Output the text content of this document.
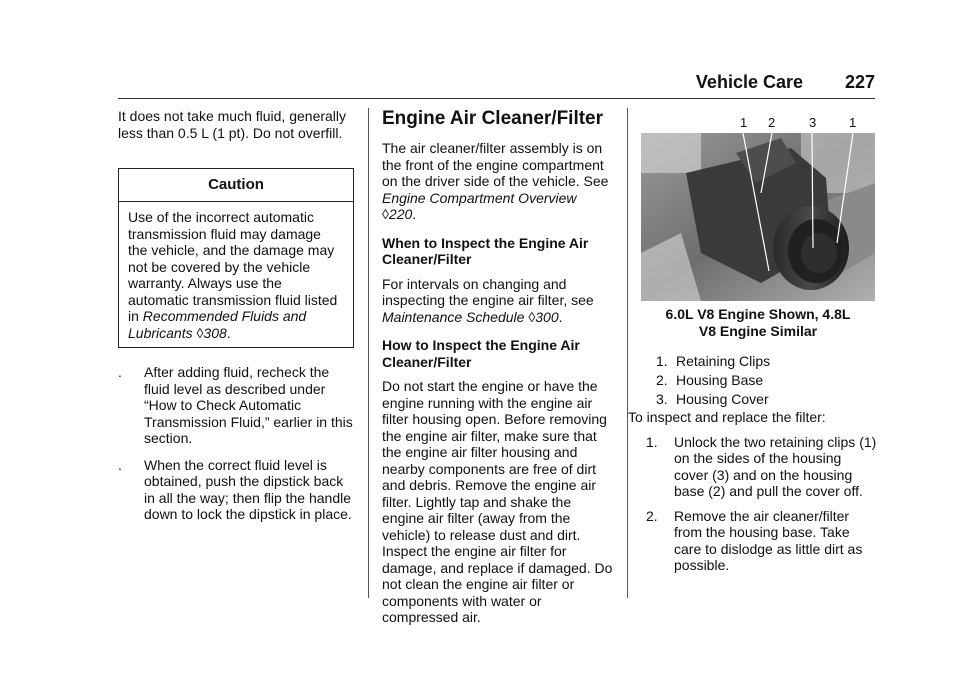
Vehicle Care 227

It does not take much fluid, generally less than 0.5 L (1 pt). Do not overfill.

Caution
Use of the incorrect automatic transmission fluid may damage the vehicle, and the damage may not be covered by the vehicle warranty. Always use the automatic transmission fluid listed in Recommended Fluids and Lubricants ◊308.
. After adding fluid, recheck the fluid level as described under “How to Check Automatic Transmission Fluid,” earlier in this section.
. When the correct fluid level is obtained, push the dipstick back in all the way; then flip the handle down to lock the dipstick in place.
Engine Air Cleaner/Filter

The air cleaner/filter assembly is on the front of the engine compartment on the driver side of the vehicle. See Engine Compartment Overview ◊220.

When to Inspect the Engine Air Cleaner/Filter

For intervals on changing and inspecting the engine air filter, see Maintenance Schedule ◊300.

How to Inspect the Engine Air Cleaner/Filter

Do not start the engine or have the engine running with the engine air filter housing open. Before removing the engine air filter, make sure that the engine air filter housing and nearby components are free of dirt and debris. Remove the engine air filter. Lightly tap and shake the engine air filter (away from the vehicle) to release dust and dirt. Inspect the engine air filter for damage, and replace if damaged. Do not clean the engine air filter or components with water or compressed air.

1 2	3	1
6.0L V8 Engine Shown, 4.8L
V8 Engine Similar
1. Retaining Clips
2. Housing Base
3. Housing Cover

To inspect and replace the filter:

1. Unlock the two retaining clips (1) on the sides of the housing cover (3) and on the housing base (2) and pull the cover off.
2. Remove the air cleaner/filter from the housing base. Take care to dislodge as little dirt as possible.
